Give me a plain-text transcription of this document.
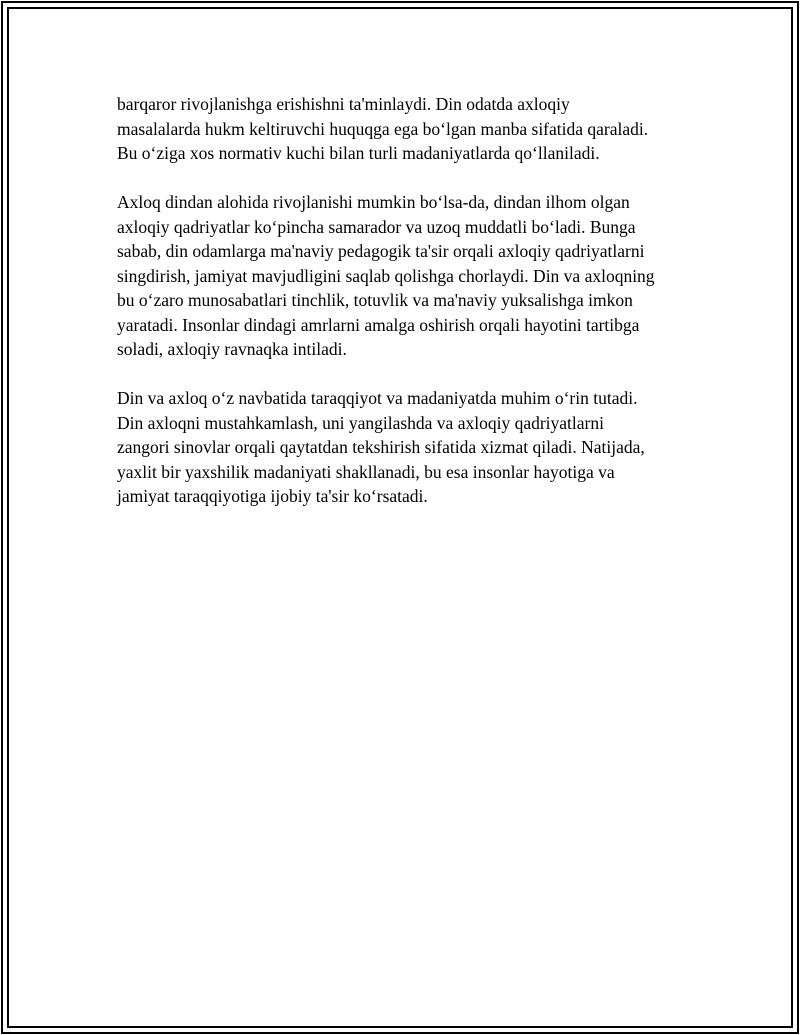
barqaror rivojlanishga erishishni ta'minlaydi. Din odatda axloqiy
masalalarda hukm keltiruvchi huquqga ega boʻlgan manba sifatida qaraladi.
Bu oʻziga xos normativ kuchi bilan turli madaniyatlarda qoʻllaniladi.

Axloq dindan alohida rivojlanishi mumkin boʻlsa-da, dindan ilhom olgan
axloqiy qadriyatlar koʻpincha samarador va uzoq muddatli boʻladi. Bunga
sabab, din odamlarga ma'naviy pedagogik ta'sir orqali axloqiy qadriyatlarni
singdirish, jamiyat mavjudligini saqlab qolishga chorlaydi. Din va axloqning
bu oʻzaro munosabatlari tinchlik, totuvlik va ma'naviy yuksalishga imkon
yaratadi. Insonlar dindagi amrlarni amalga oshirish orqali hayotini tartibga
soladi, axloqiy ravnaqka intiladi.

Din va axloq oʻz navbatida taraqqiyot va madaniyatda muhim oʻrin tutadi.
Din axloqni mustahkamlash, uni yangilashda va axloqiy qadriyatlarni
zangori sinovlar orqali qaytatdan tekshirish sifatida xizmat qiladi. Natijada,
yaxlit bir yaxshilik madaniyati shakllanadi, bu esa insonlar hayotiga va
jamiyat taraqqiyotiga ijobiy ta'sir koʻrsatadi.
